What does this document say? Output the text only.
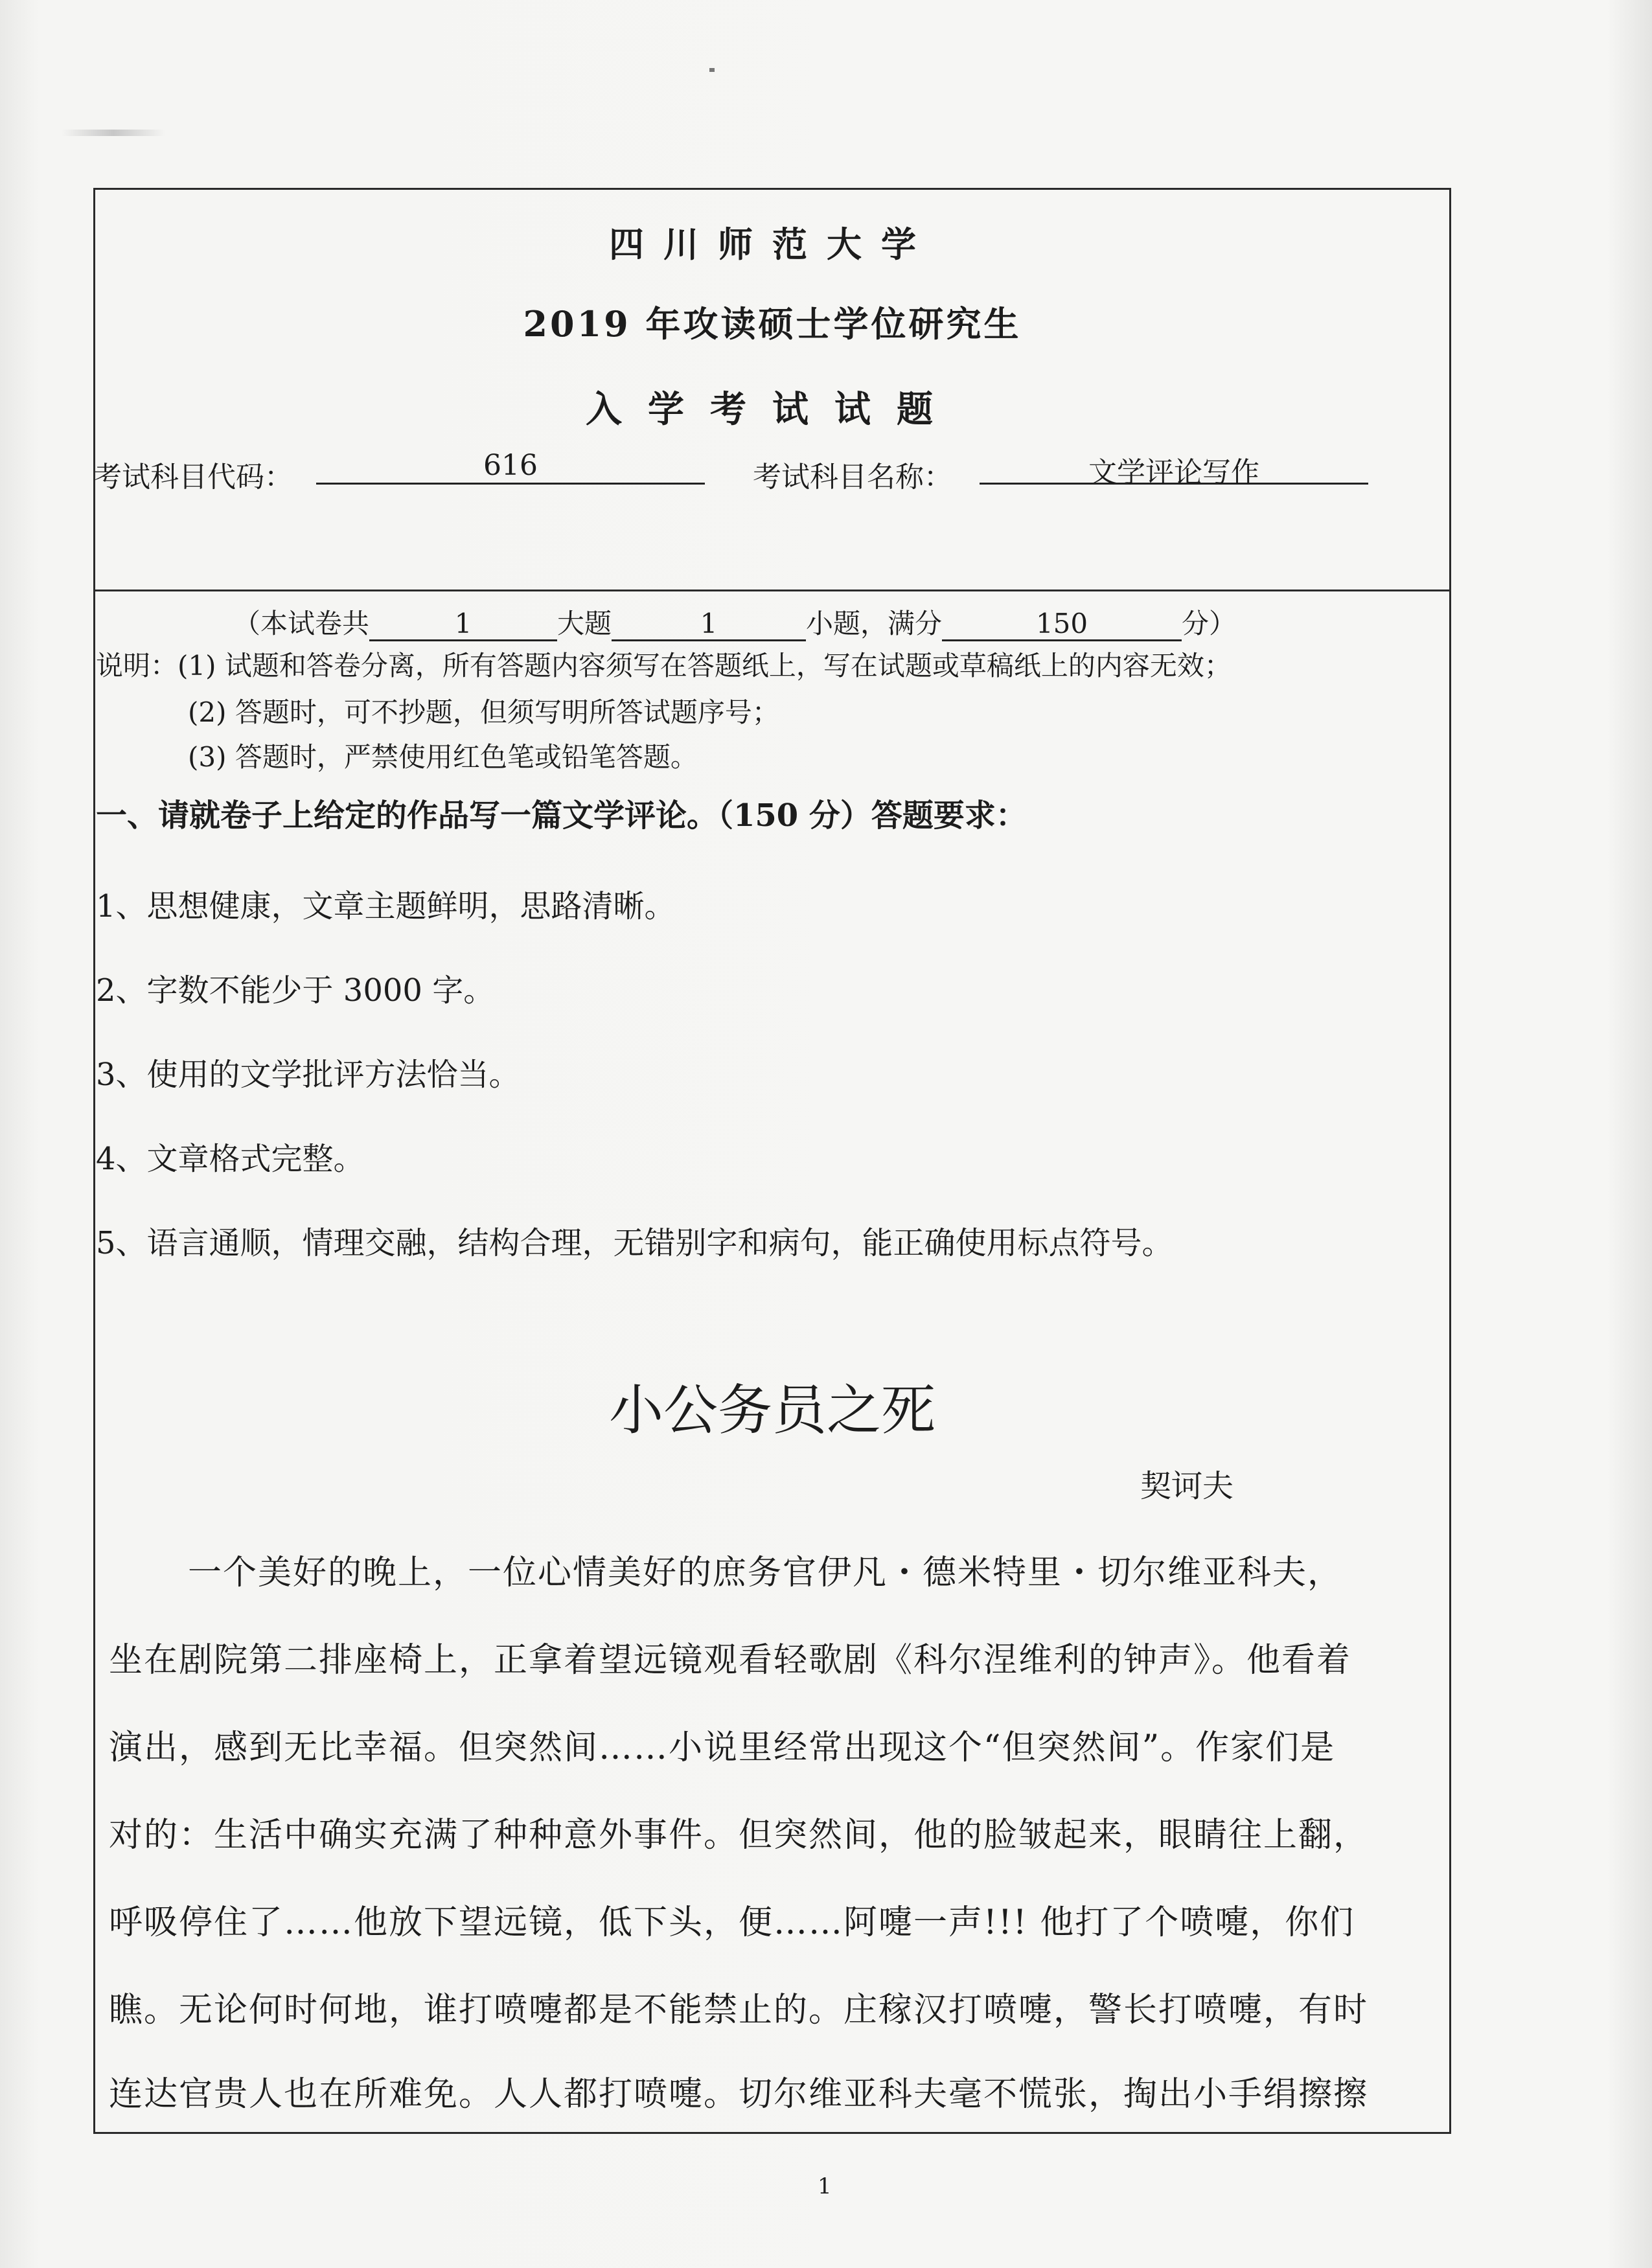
四川师范大学
2019 年攻读硕士学位研究生
入学考试试题
考试科目代码：	616	考试科目名称：	文学评论写作
（本试卷共	1	大题	1	小题，满分	150	分）
说明：(1) 试题和答卷分离，所有答题内容须写在答题纸上，写在试题或草稿纸上的内容无效；
(2) 答题时，可不抄题，但须写明所答试题序号；
(3) 答题时，严禁使用红色笔或铅笔答题。
一、请就卷子上给定的作品写一篇文学评论。（150 分）答题要求：
1、思想健康，文章主题鲜明，思路清晰。
2、字数不能少于 3000 字。
3、使用的文学批评方法恰当。
4、文章格式完整。
5、语言通顺，情理交融，结构合理，无错别字和病句，能正确使用标点符号。
小公务员之死
契诃夫
一个美好的晚上，一位心情美好的庶务官伊凡・德米特里・切尔维亚科夫，
坐在剧院第二排座椅上，正拿着望远镜观看轻歌剧《科尔涅维利的钟声》。他看着
演出，感到无比幸福。但突然间……小说里经常出现这个“但突然间”。作家们是
对的：生活中确实充满了种种意外事件。但突然间，他的脸皱起来，眼睛往上翻，
呼吸停住了……他放下望远镜，低下头，便……阿嚏一声!!! 他打了个喷嚏，你们
瞧。无论何时何地，谁打喷嚏都是不能禁止的。庄稼汉打喷嚏，警长打喷嚏，有时
连达官贵人也在所难免。人人都打喷嚏。切尔维亚科夫毫不慌张，掏出小手绢擦擦
1
